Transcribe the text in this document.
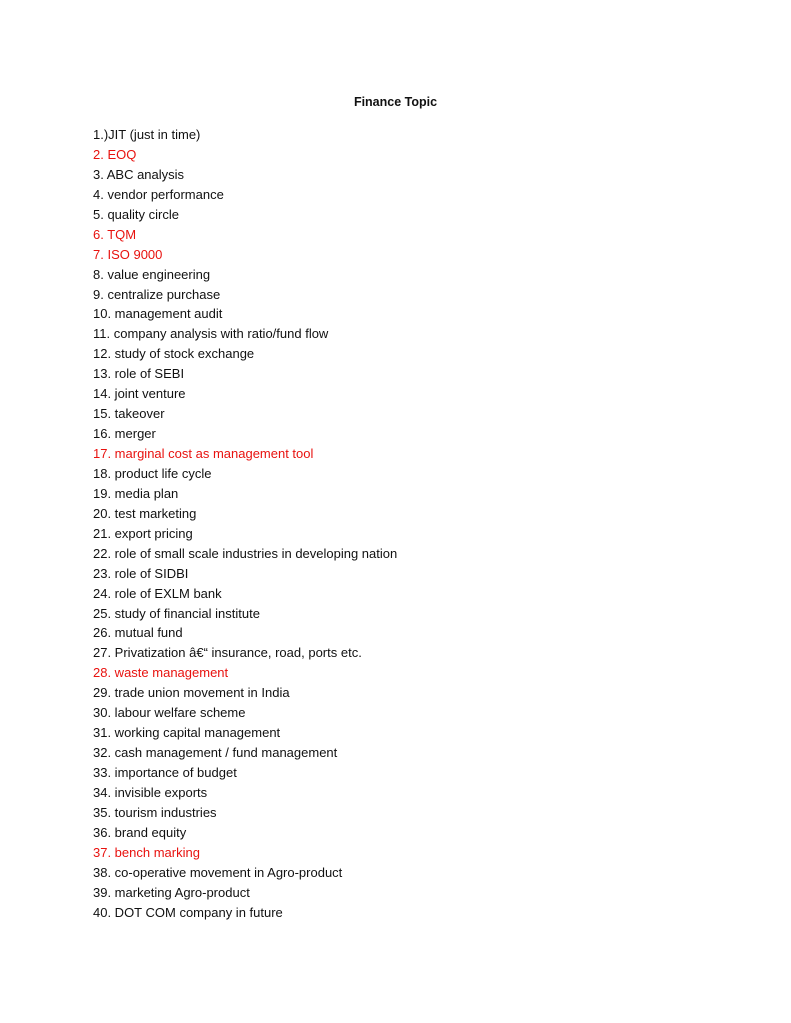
Finance Topic
1.)JIT (just in time)
2. EOQ
3. ABC analysis
4. vendor performance
5. quality circle
6. TQM
7. ISO 9000
8. value engineering
9. centralize purchase
10. management audit
11. company analysis with ratio/fund flow
12. study of stock exchange
13. role of SEBI
14. joint venture
15. takeover
16. merger
17. marginal cost as management tool
18. product life cycle
19. media plan
20. test marketing
21. export pricing
22. role of small scale industries in developing nation
23. role of SIDBI
24. role of EXLM bank
25. study of financial institute
26. mutual fund
27. Privatization â€“ insurance, road, ports etc.
28. waste management
29. trade union movement in India
30. labour welfare scheme
31. working capital management
32. cash management / fund management
33. importance of budget
34. invisible exports
35. tourism industries
36. brand equity
37. bench marking
38. co-operative movement in Agro-product
39. marketing Agro-product
40. DOT COM company in future
